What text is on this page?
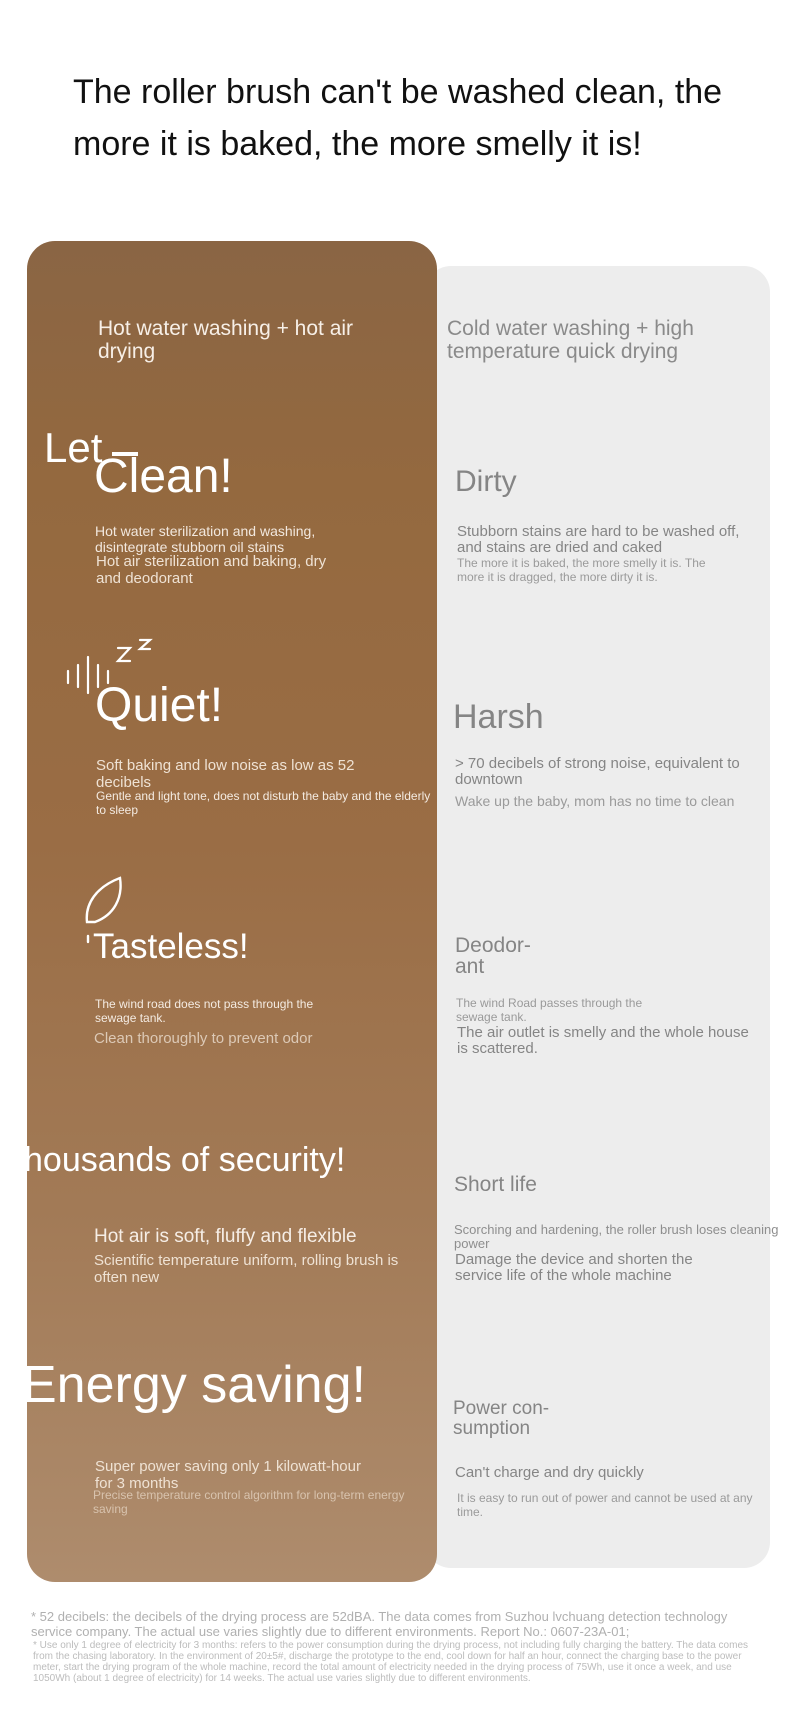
The roller brush can't be washed clean, the more it is baked, the more smelly it is!
Hot water washing + hot air drying
Cold water washing + high temperature quick drying
Let
Clean!
Hot water sterilization and washing, disintegrate stubborn oil stains
Hot air sterilization and baking, dry and deodorant
Quiet!
Soft baking and low noise as low as 52 decibels
Gentle and light tone, does not disturb the baby and the elderly to sleep
Tasteless!
The wind road does not pass through the sewage tank.
Clean thoroughly to prevent odor
housands of security!
Hot air is soft, fluffy and flexible
Scientific temperature uniform, rolling brush is often new
Energy saving!
Super power saving only 1 kilowatt-hour for 3 months
Precise temperature control algorithm for long-term energy saving
Dirty
Stubborn stains are hard to be washed off, and stains are dried and caked
The more it is baked, the more smelly it is. The more it is dragged, the more dirty it is.
Harsh
> 70 decibels of strong noise, equivalent to downtown
Wake up the baby, mom has no time to clean
Deodor-
ant
The wind Road passes through the sewage tank.
The air outlet is smelly and the whole house is scattered.
Short life
Scorching and hardening, the roller brush loses cleaning power
Damage the device and shorten the service life of the whole machine
Power con-
sumption
Can't charge and dry quickly
It is easy to run out of power and cannot be used at any time.
* 52 decibels: the decibels of the drying process are 52dBA. The data comes from Suzhou lvchuang detection technology service company. The actual use varies slightly due to different environments. Report No.: 0607-23A-01;
* Use only 1 degree of electricity for 3 months: refers to the power consumption during the drying process, not including fully charging the battery. The data comes from the chasing laboratory. In the environment of 20±5#, discharge the prototype to the end, cool down for half an hour, connect the charging base to the power meter, start the drying program of the whole machine, record the total amount of electricity needed in the drying process of 75Wh, use it once a week, and use 1050Wh (about 1 degree of electricity) for 14 weeks. The actual use varies slightly due to different environments.
